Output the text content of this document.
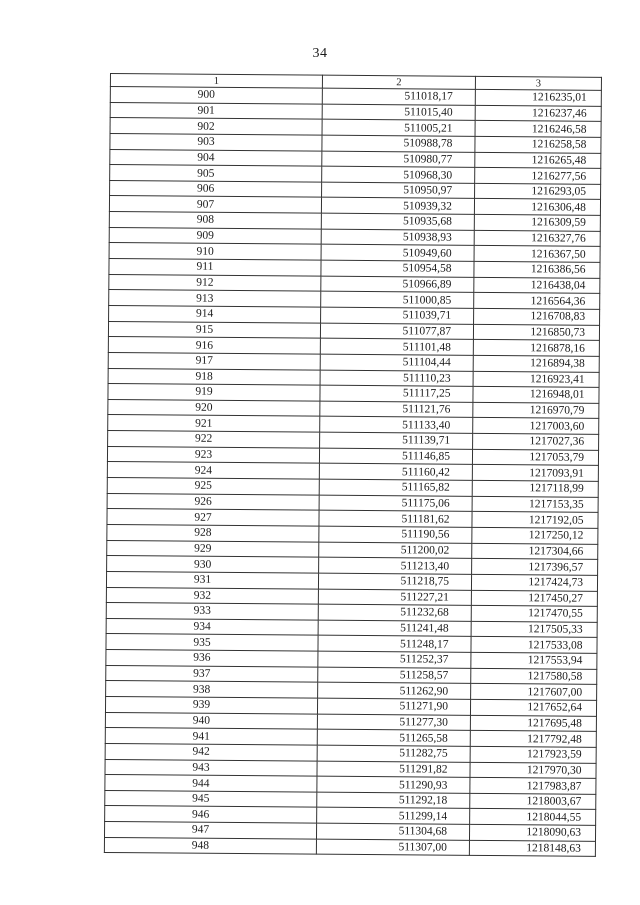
34
1	2	3
900	511018,17	1216235,01
901	511015,40	1216237,46
902	511005,21	1216246,58
903	510988,78	1216258,58
904	510980,77	1216265,48
905	510968,30	1216277,56
906	510950,97	1216293,05
907	510939,32	1216306,48
908	510935,68	1216309,59
909	510938,93	1216327,76
910	510949,60	1216367,50
911	510954,58	1216386,56
912	510966,89	1216438,04
913	511000,85	1216564,36
914	511039,71	1216708,83
915	511077,87	1216850,73
916	511101,48	1216878,16
917	511104,44	1216894,38
918	511110,23	1216923,41
919	511117,25	1216948,01
920	511121,76	1216970,79
921	511133,40	1217003,60
922	511139,71	1217027,36
923	511146,85	1217053,79
924	511160,42	1217093,91
925	511165,82	1217118,99
926	511175,06	1217153,35
927	511181,62	1217192,05
928	511190,56	1217250,12
929	511200,02	1217304,66
930	511213,40	1217396,57
931	511218,75	1217424,73
932	511227,21	1217450,27
933	511232,68	1217470,55
934	511241,48	1217505,33
935	511248,17	1217533,08
936	511252,37	1217553,94
937	511258,57	1217580,58
938	511262,90	1217607,00
939	511271,90	1217652,64
940	511277,30	1217695,48
941	511265,58	1217792,48
942	511282,75	1217923,59
943	511291,82	1217970,30
944	511290,93	1217983,87
945	511292,18	1218003,67
946	511299,14	1218044,55
947	511304,68	1218090,63
948	511307,00	1218148,63
